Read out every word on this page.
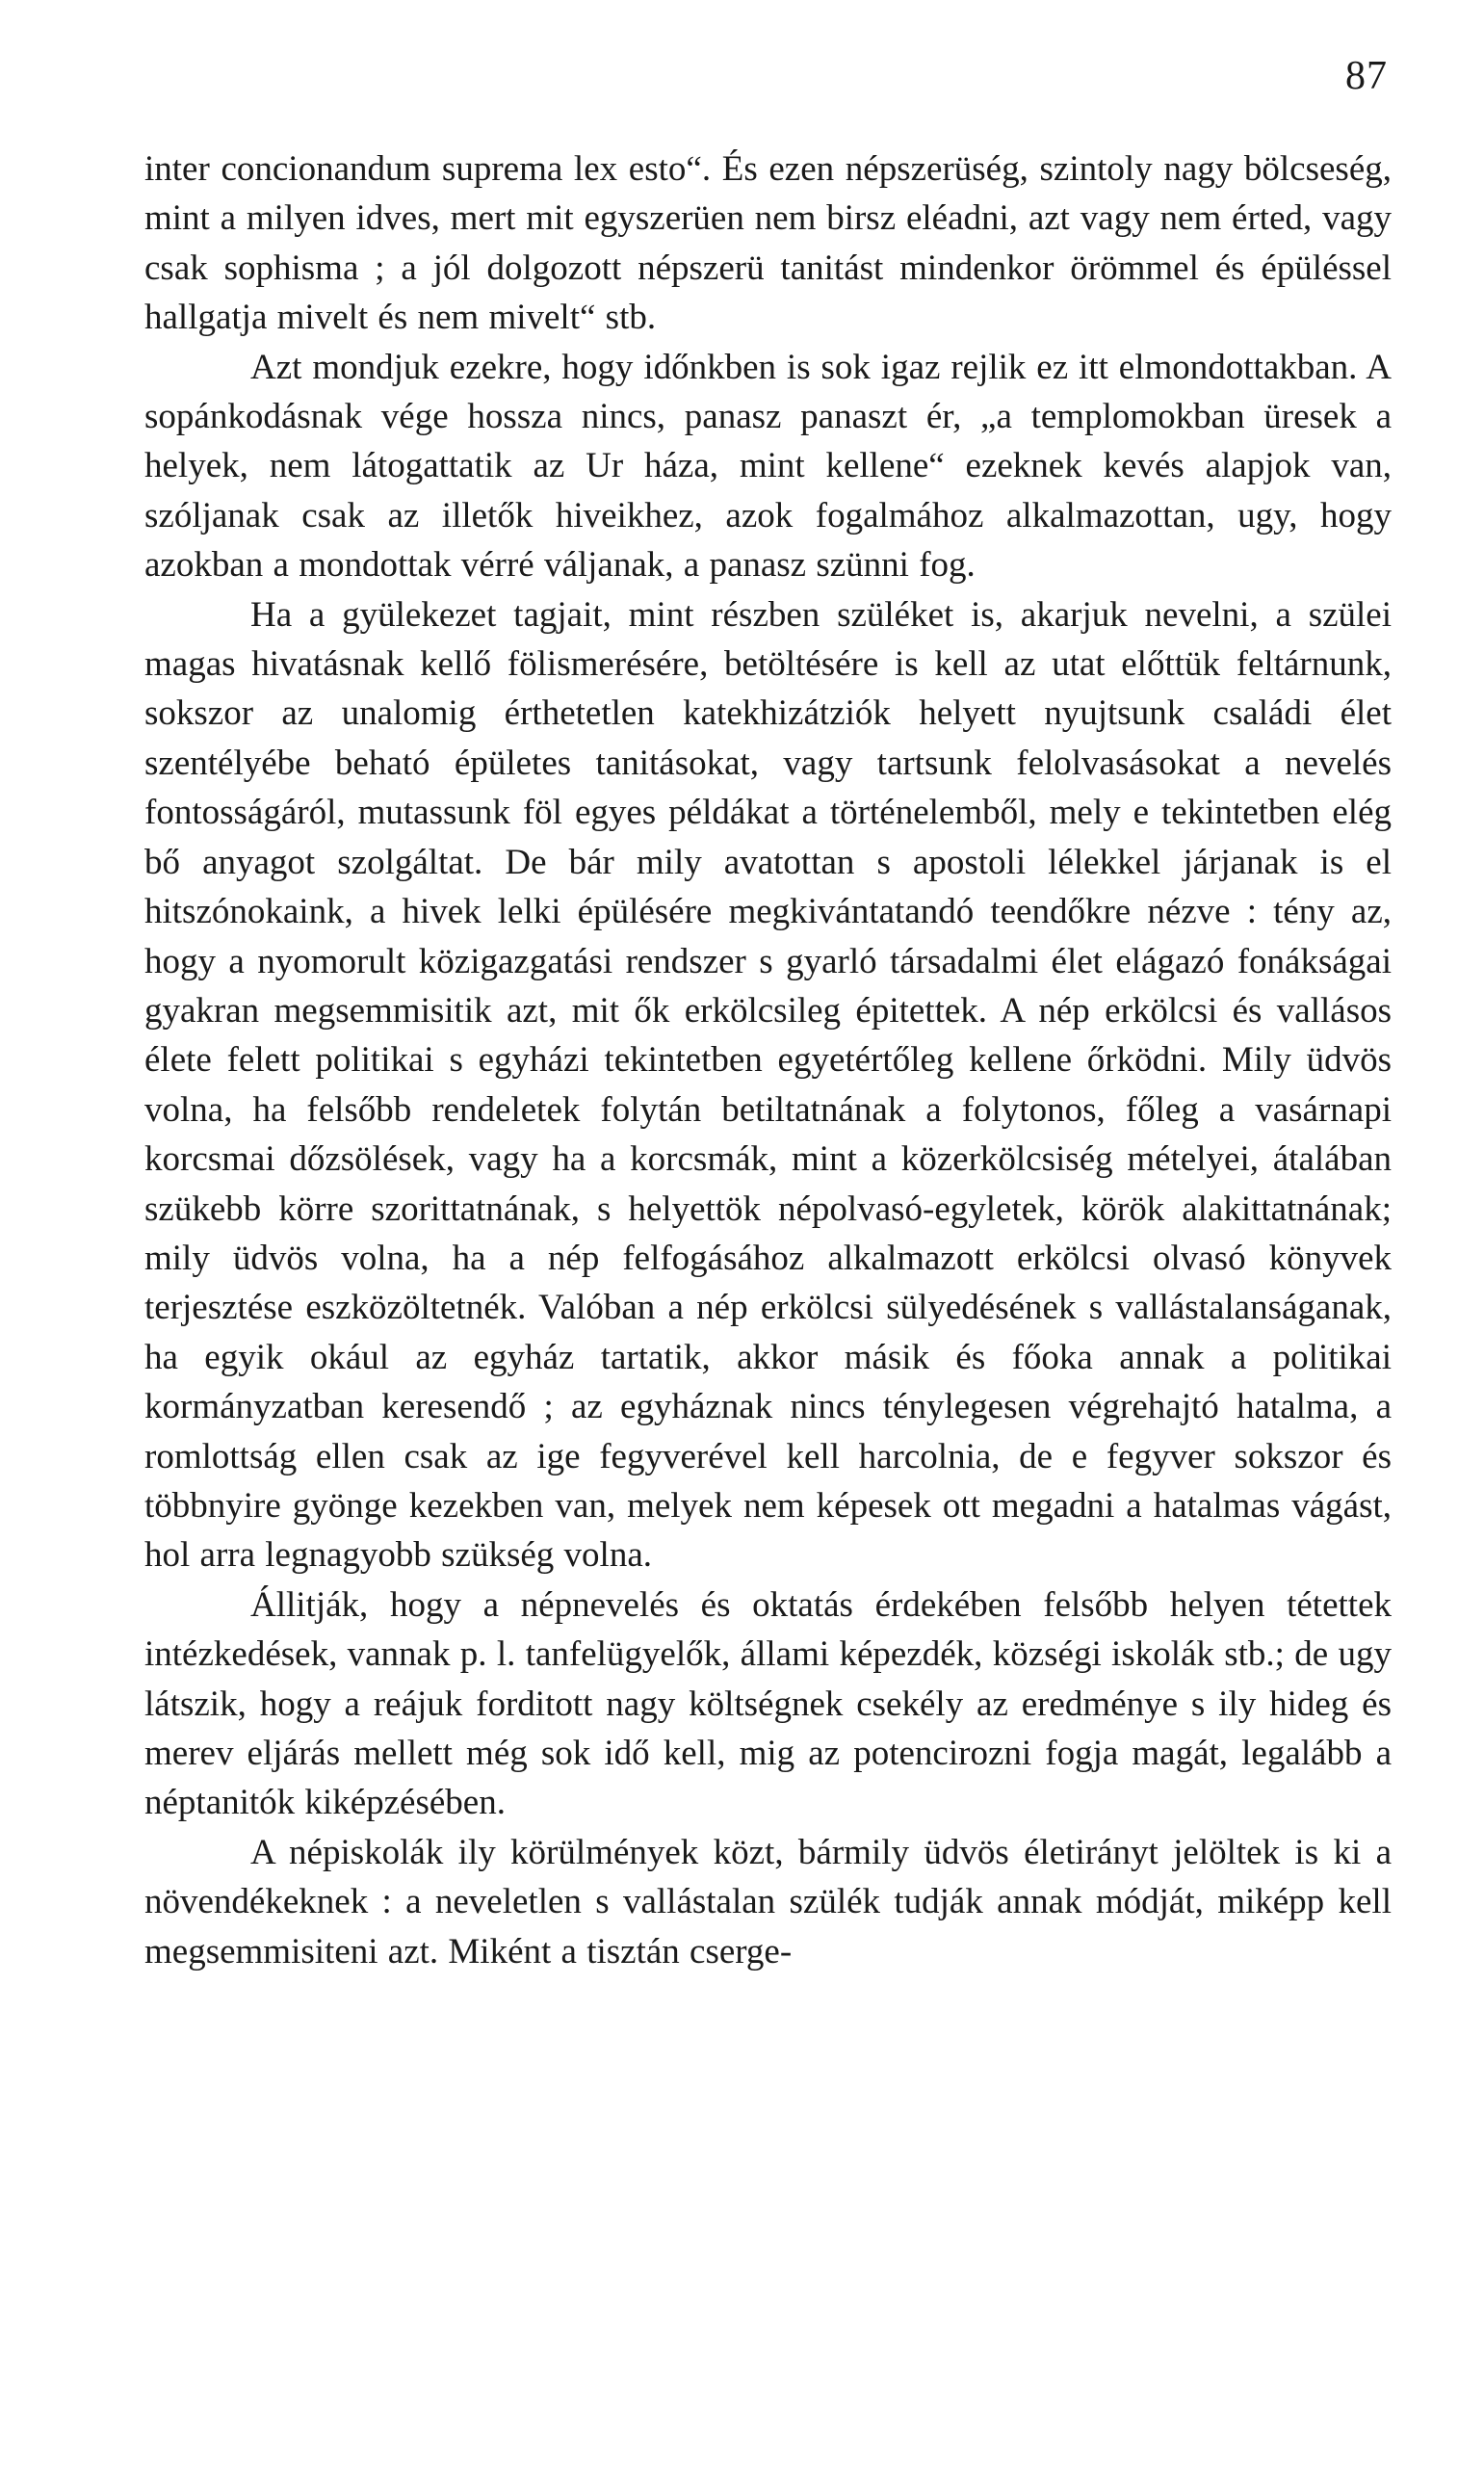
87

inter concionandum suprema lex esto“. És ezen népszerüség, szintoly nagy bölcseség, mint a milyen idves, mert mit egyszerüen nem birsz eléadni, azt vagy nem érted, vagy csak sophisma ; a jól dolgozott népszerü tanitást mindenkor örömmel és épüléssel hallgatja mivelt és nem mivelt“ stb.

Azt mondjuk ezekre, hogy időnkben is sok igaz rejlik ez itt elmondottakban. A sopánkodásnak vége hossza nincs, panasz panaszt ér, „a templomokban üresek a helyek, nem látogattatik az Ur háza, mint kellene“ ezeknek kevés alapjok van, szóljanak csak az illetők hiveikhez, azok fogalmához alkalmazottan, ugy, hogy azokban a mondottak vérré váljanak, a panasz szünni fog.

Ha a gyülekezet tagjait, mint részben szüléket is, akarjuk nevelni, a szülei magas hivatásnak kellő fölismerésére, betöltésére is kell az utat előttük feltárnunk, sokszor az unalomig érthetetlen katekhizátziók helyett nyujtsunk családi élet szentélyébe beható épületes tanitásokat, vagy tartsunk felolvasásokat a nevelés fontosságáról, mutassunk föl egyes példákat a történelemből, mely e tekintetben elég bő anyagot szolgáltat. De bár mily avatottan s apostoli lélekkel járjanak is el hitszónokaink, a hivek lelki épülésére megkivántatandó teendőkre nézve : tény az, hogy a nyomorult közigazgatási rendszer s gyarló társadalmi élet elágazó fonákságai gyakran megsemmisitik azt, mit ők erkölcsileg épitettek. A nép erkölcsi és vallásos élete felett politikai s egyházi tekintetben egyetértőleg kellene őrködni. Mily üdvös volna, ha felsőbb rendeletek folytán betiltatnának a folytonos, főleg a vasárnapi korcsmai dőzsölések, vagy ha a korcsmák, mint a közerkölcsiség mételyei, átalában szükebb körre szorittatnának, s helyettök népolvasó-egyletek, körök alakittatnának; mily üdvös volna, ha a nép felfogásához alkalmazott erkölcsi olvasó könyvek terjesztése eszközöltetnék. Valóban a nép erkölcsi sülyedésének s vallástalanságanak, ha egyik okául az egyház tartatik, akkor másik és főoka annak a politikai kormányzatban keresendő ; az egyháznak nincs ténylegesen végrehajtó hatalma, a romlottság ellen csak az ige fegyverével kell harcolnia, de e fegyver sokszor és többnyire gyönge kezekben van, melyek nem képesek ott megadni a hatalmas vágást, hol arra legnagyobb szükség volna.

Állitják, hogy a népnevelés és oktatás érdekében felsőbb helyen tétettek intézkedések, vannak p. l. tanfelügyelők, állami képezdék, községi iskolák stb.; de ugy látszik, hogy a reájuk forditott nagy költségnek csekély az eredménye s ily hideg és merev eljárás mellett még sok idő kell, mig az potencirozni fogja magát, legalább a néptanitók kiképzésében.

A népiskolák ily körülmények közt, bármily üdvös életirányt jelöltek is ki a növendékeknek : a neveletlen s vallástalan szülék tudják annak módját, miképp kell megsemmisiteni azt. Miként a tisztán cserge-
